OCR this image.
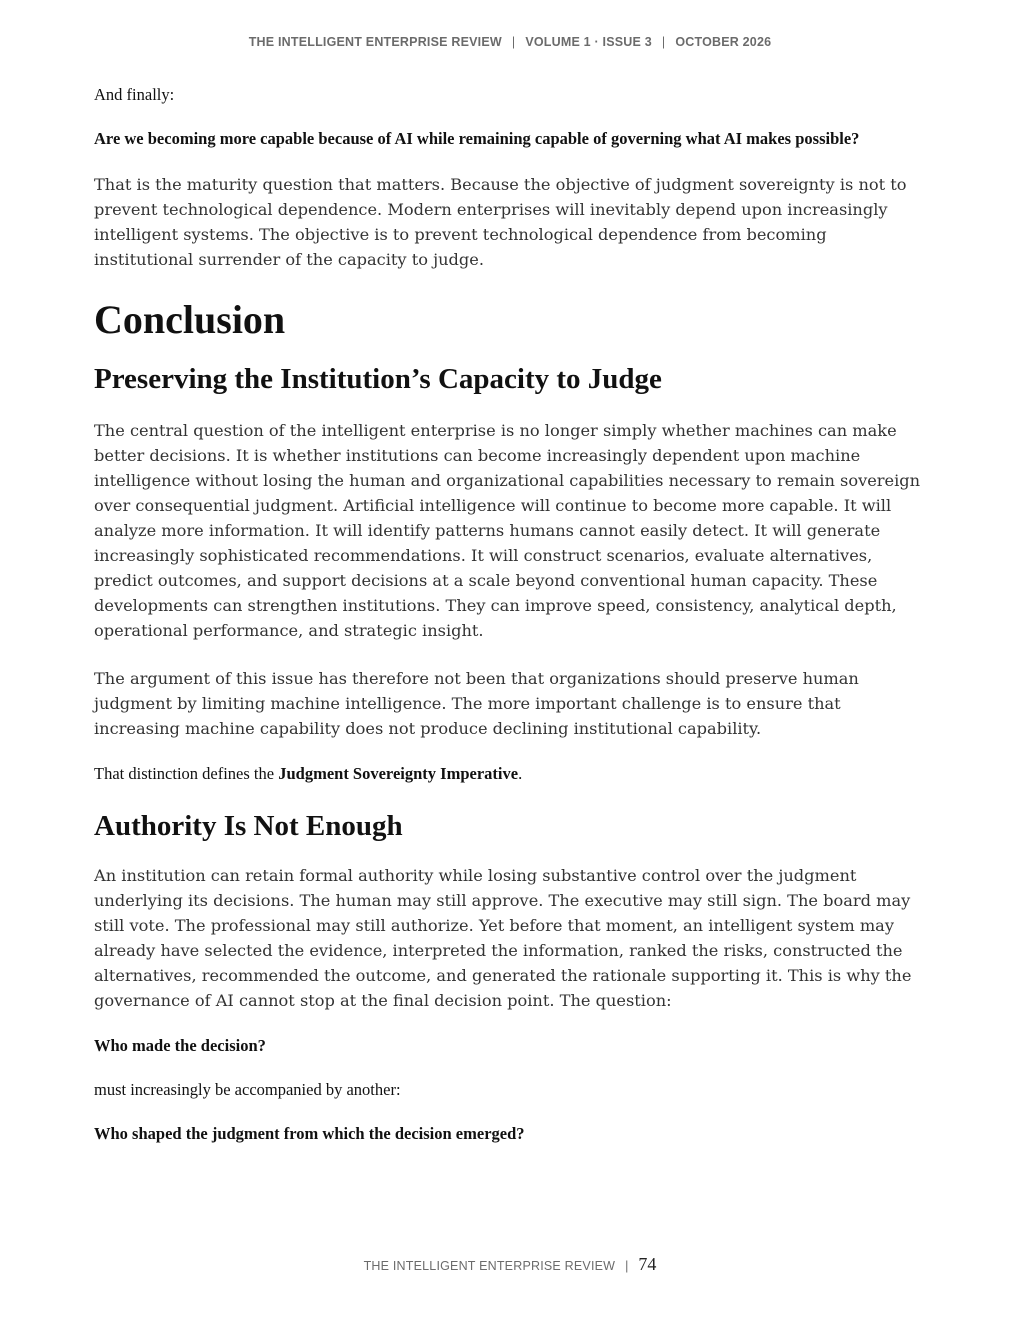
THE INTELLIGENT ENTERPRISE REVIEW | VOLUME 1 · ISSUE 3 | OCTOBER 2026

And finally:

Are we becoming more capable because of AI while remaining capable of governing what AI makes possible?

That is the maturity question that matters. Because the objective of judgment sovereignty is not to prevent technological dependence. Modern enterprises will inevitably depend upon increasingly intelligent systems. The objective is to prevent technological dependence from becoming institutional surrender of the capacity to judge.

Conclusion
Preserving the Institution’s Capacity to Judge

The central question of the intelligent enterprise is no longer simply whether machines can make better decisions. It is whether institutions can become increasingly dependent upon machine intelligence without losing the human and organizational capabilities necessary to remain sovereign over consequential judgment. Artificial intelligence will continue to become more capable. It will analyze more information. It will identify patterns humans cannot easily detect. It will generate increasingly sophisticated recommendations. It will construct scenarios, evaluate alternatives, predict outcomes, and support decisions at a scale beyond conventional human capacity. These developments can strengthen institutions. They can improve speed, consistency, analytical depth, operational performance, and strategic insight.

The argument of this issue has therefore not been that organizations should preserve human judgment by limiting machine intelligence. The more important challenge is to ensure that increasing machine capability does not produce declining institutional capability.

That distinction defines the Judgment Sovereignty Imperative.

Authority Is Not Enough

An institution can retain formal authority while losing substantive control over the judgment underlying its decisions. The human may still approve. The executive may still sign. The board may still vote. The professional may still authorize. Yet before that moment, an intelligent system may already have selected the evidence, interpreted the information, ranked the risks, constructed the alternatives, recommended the outcome, and generated the rationale supporting it. This is why the governance of AI cannot stop at the final decision point. The question:

Who made the decision?

must increasingly be accompanied by another:

Who shaped the judgment from which the decision emerged?

THE INTELLIGENT ENTERPRISE REVIEW | 74
